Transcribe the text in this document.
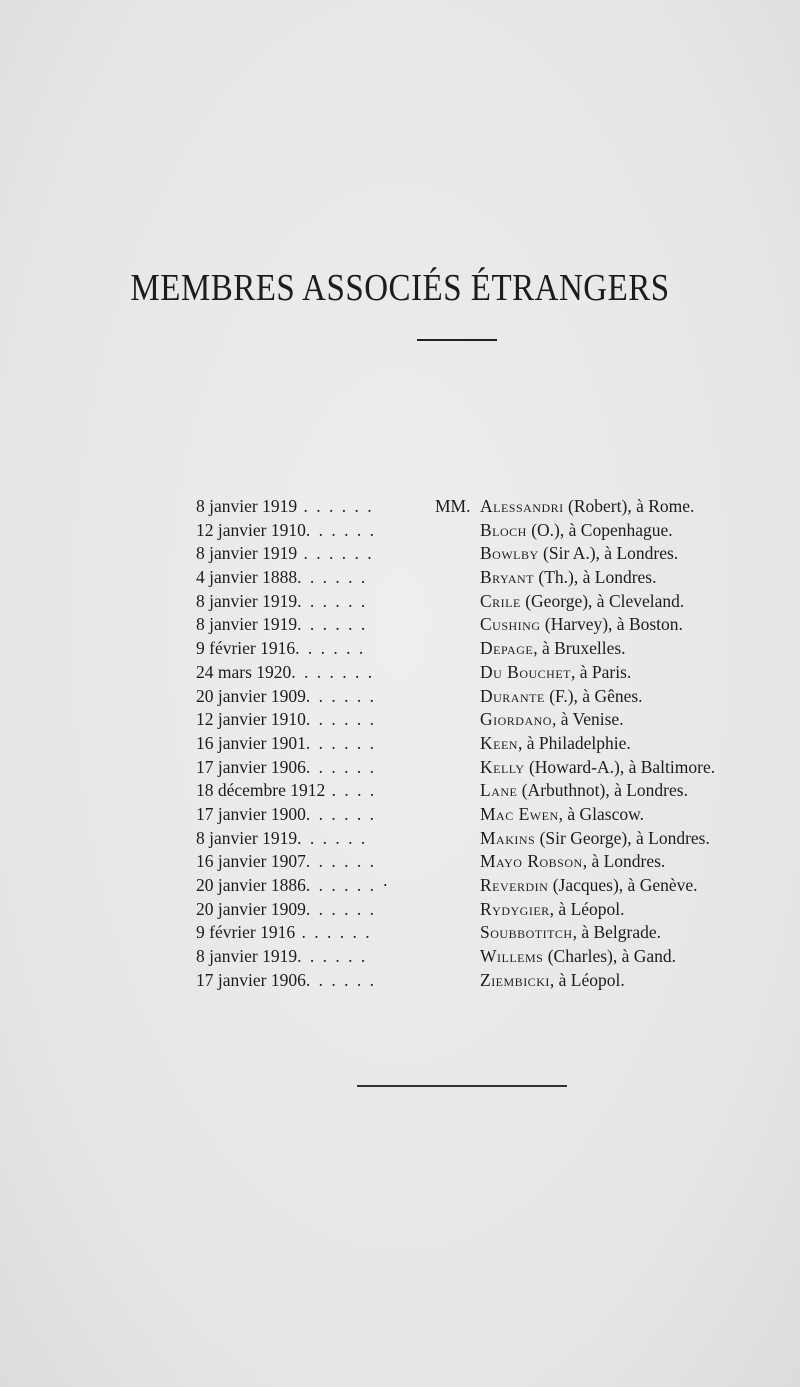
MEMBRES ASSOCIÉS ÉTRANGERS
8 janvier 1919 . . . . . .	MM. Alessandri (Robert), à Rome.
12 janvier 1910. . . . . .	Bloch (O.), à Copenhague.
8 janvier 1919 . . . . . .	Bowlby (Sir A.), à Londres.
4 janvier 1888. . . . . .	Bryant (Th.), à Londres.
8 janvier 1919. . . . . .	Crile (George), à Cleveland.
8 janvier 1919. . . . . .	Cushing (Harvey), à Boston.
9 février 1916. . . . . .	Depage, à Bruxelles.
24 mars 1920. . . . . . .	Du Bouchet, à Paris.
20 janvier 1909. . . . . .	Durante (F.), à Gênes.
12 janvier 1910. . . . . .	Giordano, à Venise.
16 janvier 1901. . . . . .	Keen, à Philadelphie.
17 janvier 1906. . . . . .	Kelly (Howard-A.), à Baltimore.
18 décembre 1912 . . . .	Lane (Arbuthnot), à Londres.
17 janvier 1900. . . . . .	Mac Ewen, à Glascow.
8 janvier 1919. . . . . .	Makins (Sir George), à Londres.
16 janvier 1907. . . . . .	Mayo Robson, à Londres.
20 janvier 1886. . . . . . ·	Reverdin (Jacques), à Genève.
20 janvier 1909. . . . . .	Rydygier, à Léopol.
9 février 1916 . . . . . .	Soubbotitch, à Belgrade.
8 janvier 1919. . . . . .	Willems (Charles), à Gand.
17 janvier 1906. . . . . .	Ziembicki, à Léopol.
